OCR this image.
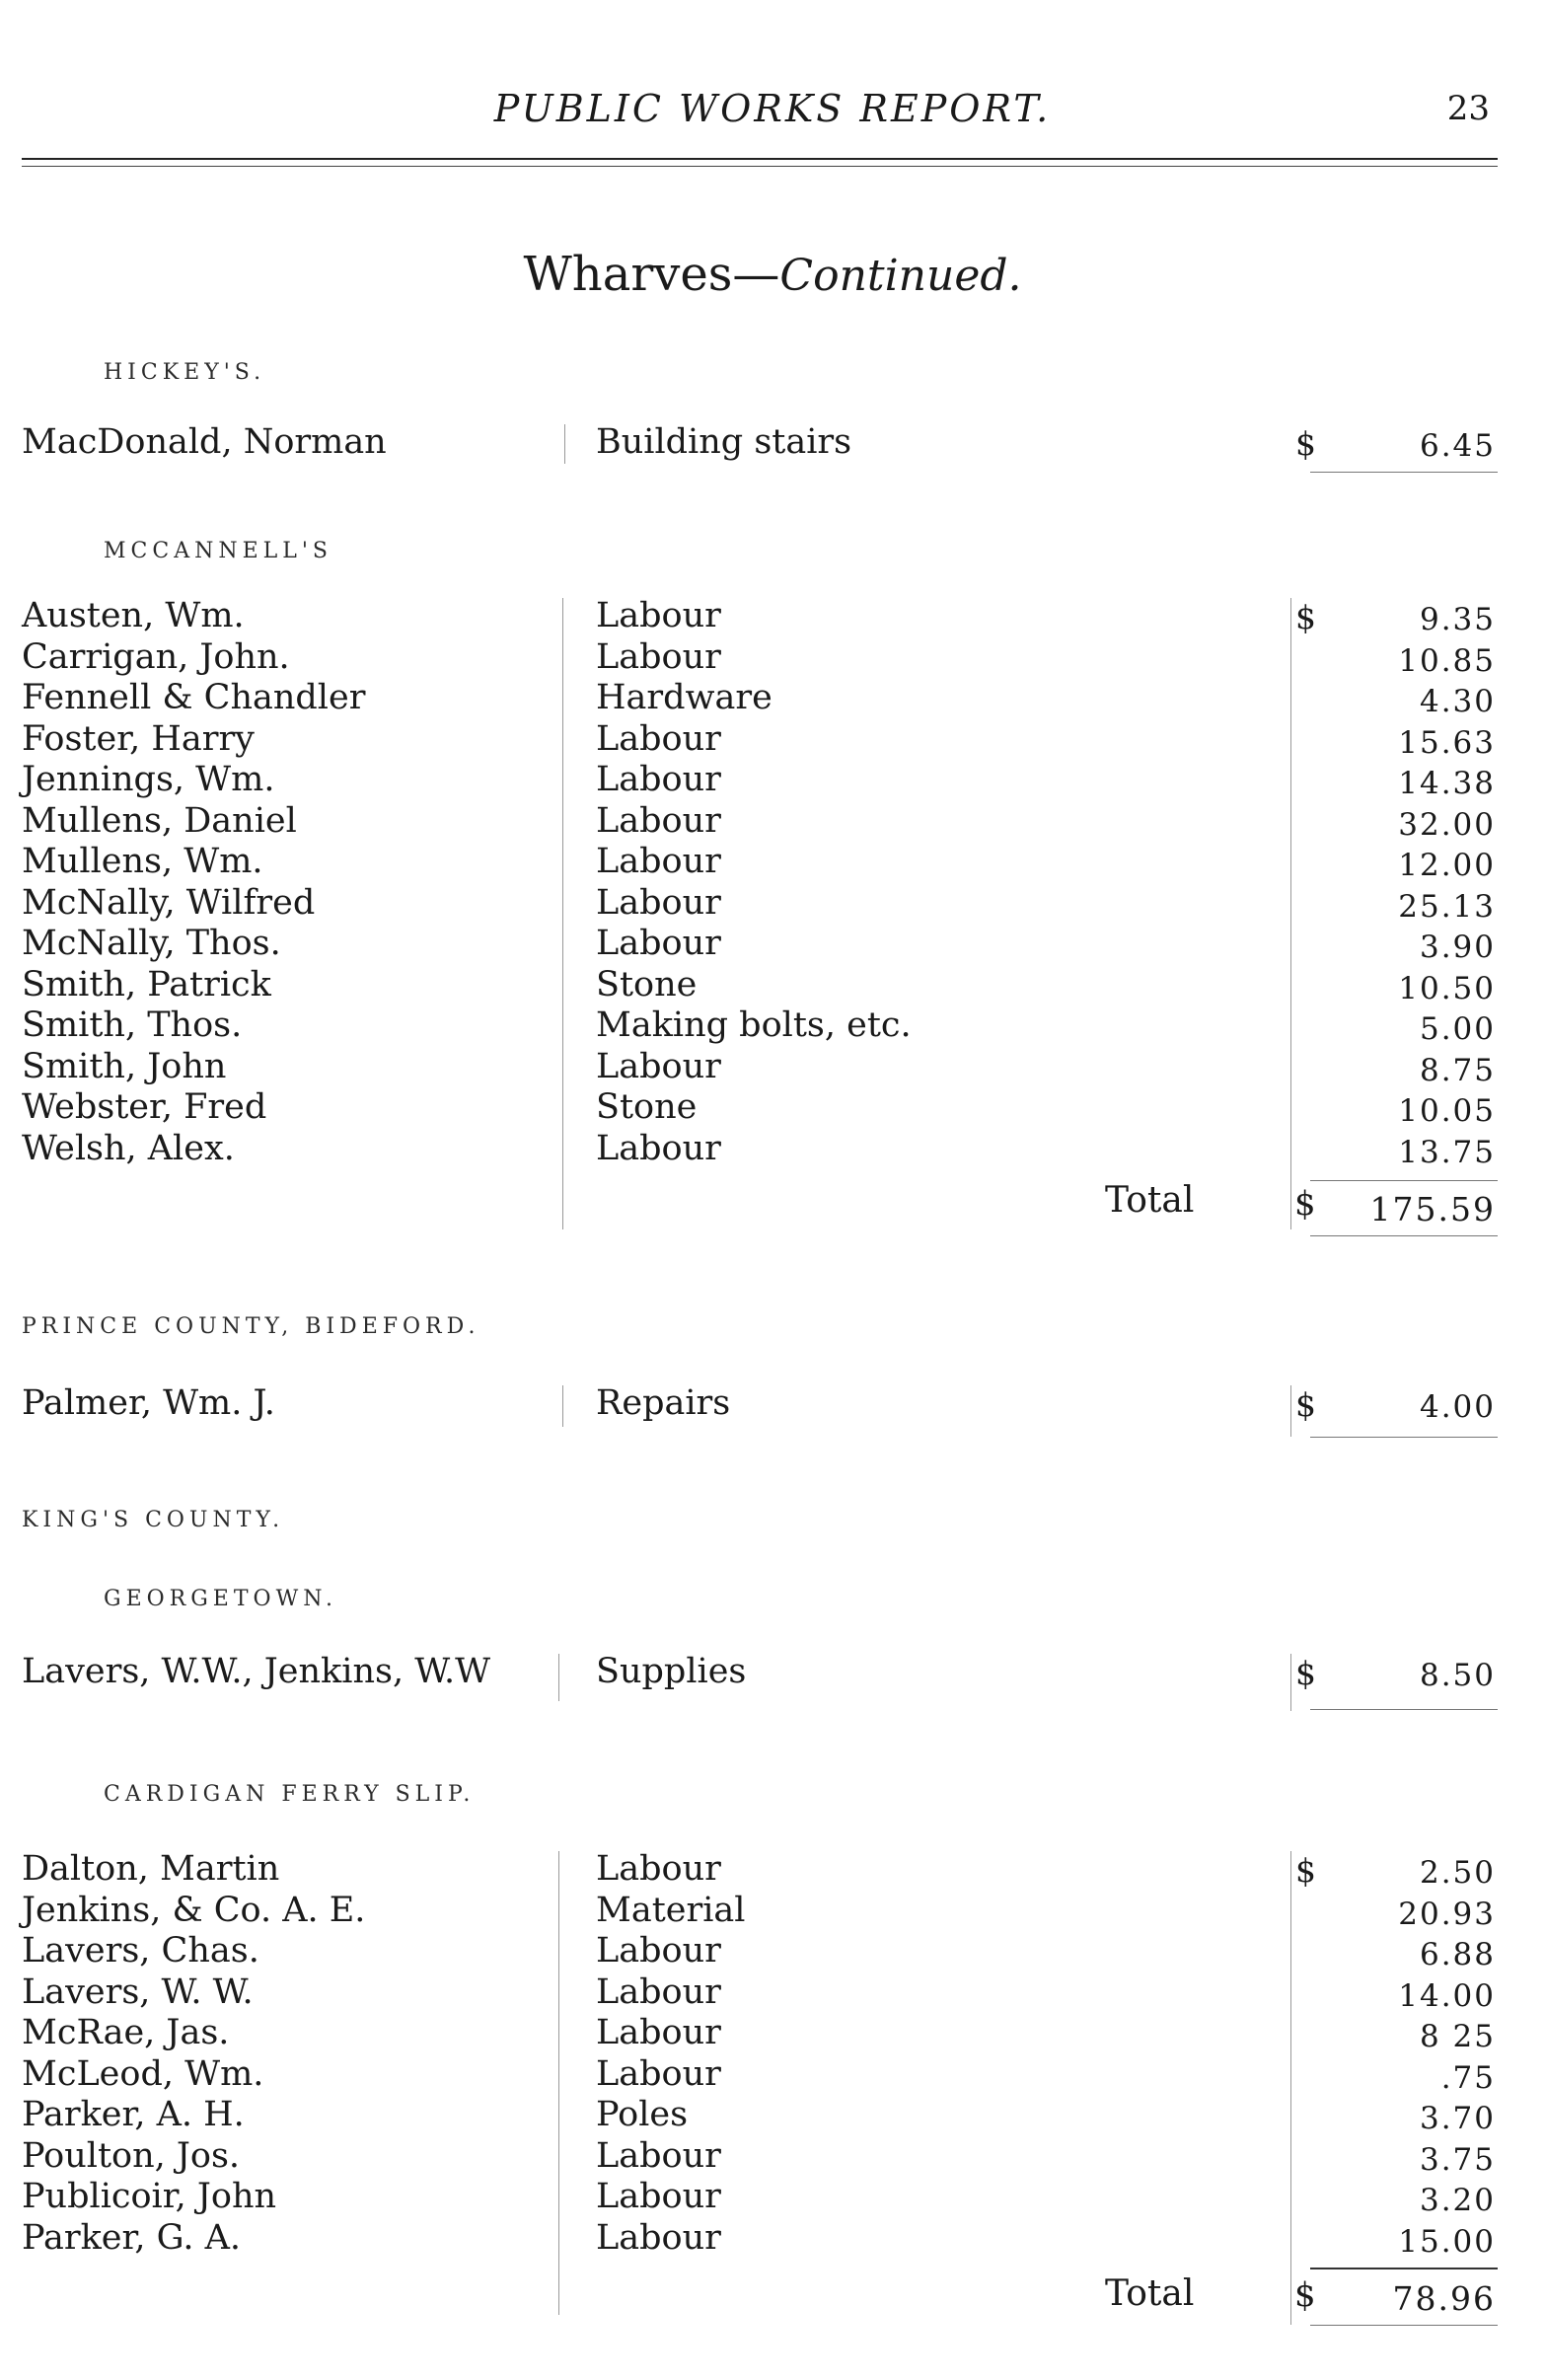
PUBLIC WORKS REPORT.	23
Wharves—Continued.
HICKEY'S.
MacDonald, Norman	Building stairs	$	6.45
MCCANNELL'S
Austen, Wm.	Labour	$	9.35
Carrigan, John.	Labour	10.85
Fennell & Chandler	Hardware	4.30
Foster, Harry	Labour	15.63
Jennings, Wm.	Labour	14.38
Mullens, Daniel	Labour	32.00
Mullens, Wm.	Labour	12.00
McNally, Wilfred	Labour	25.13
McNally, Thos.	Labour	3.90
Smith, Patrick	Stone	10.50
Smith, Thos.	Making bolts, etc.	5.00
Smith, John	Labour	8.75
Webster, Fred	Stone	10.05
Welsh, Alex.	Labour	13.75
Total	$ 175.59
PRINCE COUNTY, BIDEFORD.
Palmer, Wm. J.	Repairs	$	4.00
KING'S COUNTY.
GEORGETOWN.
Lavers, W.W., Jenkins, W.W	Supplies	$	8.50
CARDIGAN FERRY SLIP.
Dalton, Martin	Labour	$	2.50
Jenkins, & Co. A. E.	Material	20.93
Lavers, Chas.	Labour	6.88
Lavers, W. W.	Labour	14.00
McRae, Jas.	Labour	8 25
McLeod, Wm.	Labour	.75
Parker, A. H.	Poles	3.70
Poulton, Jos.	Labour	3.75
Publicoir, John	Labour	3.20
Parker, G. A.	Labour	15.00
Total	$ 78.96
